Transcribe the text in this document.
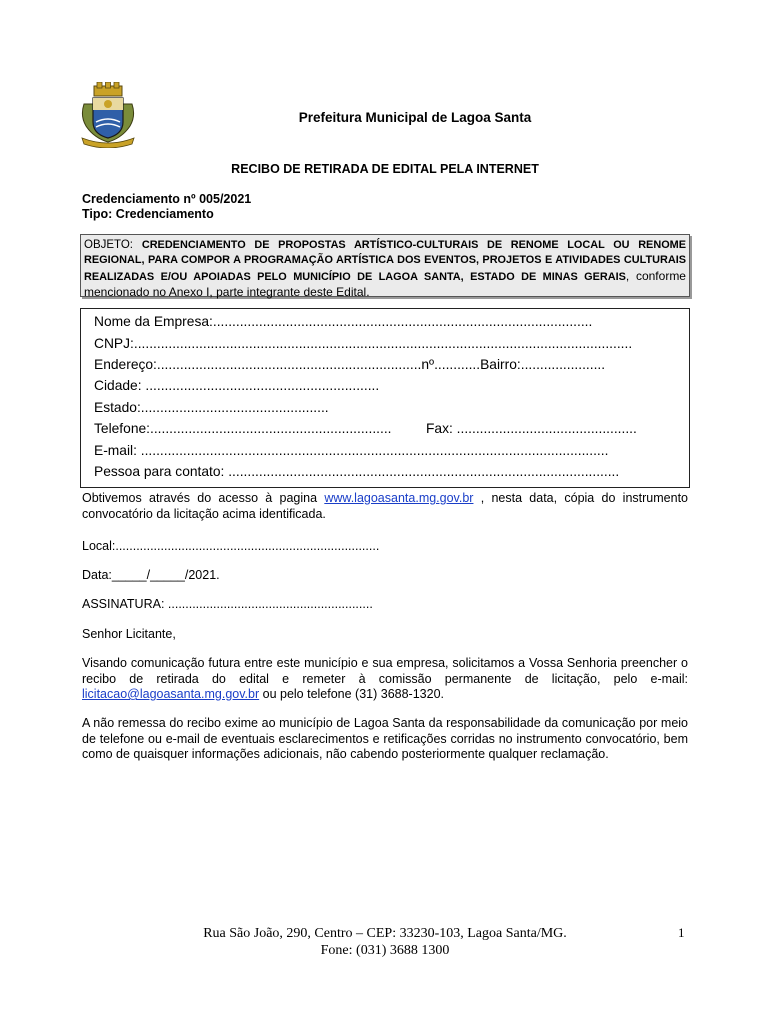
Prefeitura Municipal de Lagoa Santa
RECIBO DE RETIRADA DE EDITAL PELA INTERNET
Credenciamento nº 005/2021
Tipo: Credenciamento
OBJETO: CREDENCIAMENTO DE PROPOSTAS ARTÍSTICO-CULTURAIS DE RENOME LOCAL OU RENOME REGIONAL, PARA COMPOR A PROGRAMAÇÃO ARTÍSTICA DOS EVENTOS, PROJETOS E ATIVIDADES CULTURAIS REALIZADAS E/OU APOIADAS PELO MUNICÍPIO DE LAGOA SANTA, ESTADO DE MINAS GERAIS, conforme mencionado no Anexo I, parte integrante deste Edital.
Nome da Empresa:...................................................................................................
CNPJ:..................................................................................................................................
Endereço:.....................................................................nº............Bairro:......................
Cidade: .............................................................
Estado:.................................................
Telefone:...............................................................	Fax: ...............................................
E-mail: ..........................................................................................................................
Pessoa para contato: ......................................................................................................
Obtivemos através do acesso à pagina www.lagoasanta.mg.gov.br , nesta data, cópia do instrumento convocatório da licitação acima identificada.
Local:............................................................................
Data:_____/_____/2021.
ASSINATURA: ...........................................................
Senhor Licitante,
Visando comunicação futura entre este município e sua empresa, solicitamos a Vossa Senhoria preencher o recibo de retirada do edital e remeter à comissão permanente de licitação, pelo e-mail: licitacao@lagoasanta.mg.gov.br ou pelo telefone (31) 3688-1320.
A não remessa do recibo exime ao município de Lagoa Santa da responsabilidade da comunicação por meio de telefone ou e-mail de eventuais esclarecimentos e retificações corridas no instrumento convocatório, bem como de quaisquer informações adicionais, não cabendo posteriormente qualquer reclamação.
Rua São João, 290, Centro – CEP: 33230-103, Lagoa Santa/MG.
Fone: (031) 3688 1300
1
